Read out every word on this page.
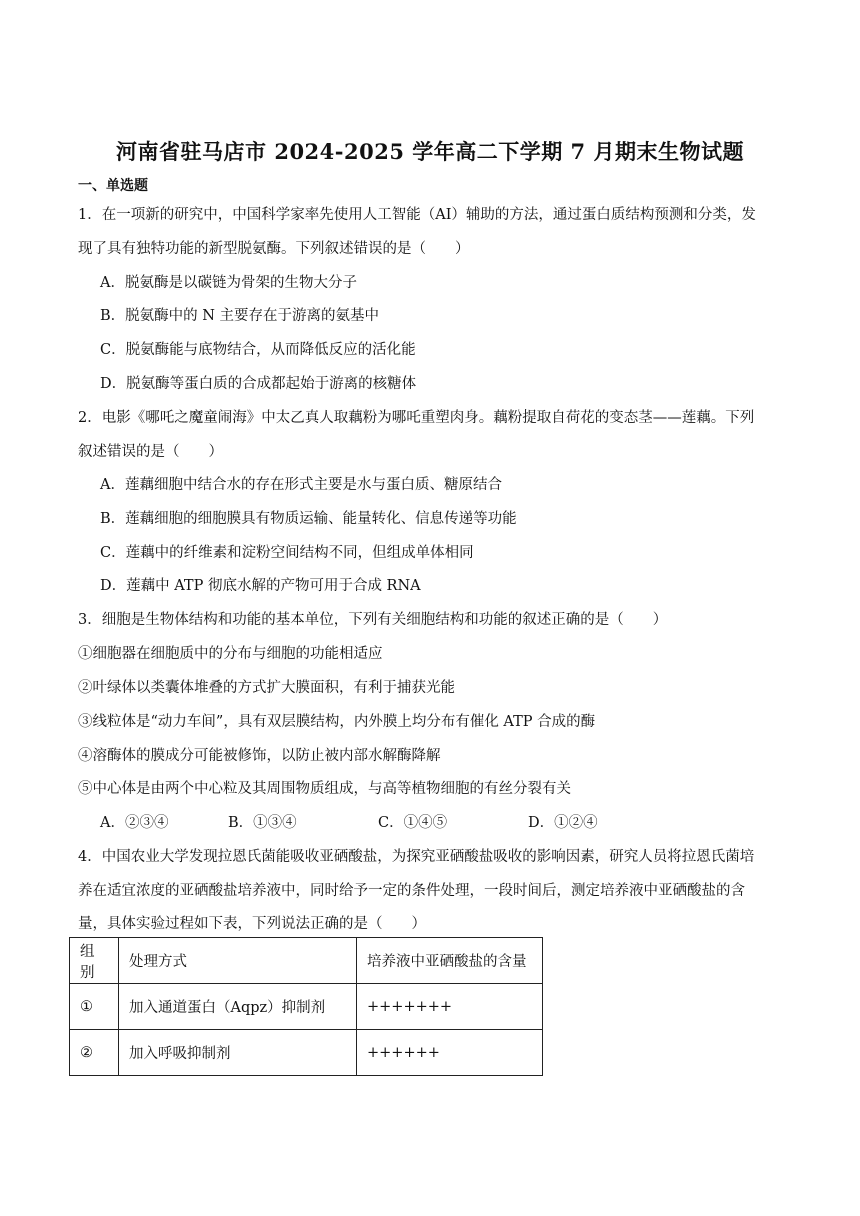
河南省驻马店市 2024-2025 学年高二下学期 7 月期末生物试题
一、单选题
1．在一项新的研究中，中国科学家率先使用人工智能（AI）辅助的方法，通过蛋白质结构预测和分类，发
现了具有独特功能的新型脱氨酶。下列叙述错误的是（　　）
A．脱氨酶是以碳链为骨架的生物大分子
B．脱氨酶中的 N 主要存在于游离的氨基中
C．脱氨酶能与底物结合，从而降低反应的活化能
D．脱氨酶等蛋白质的合成都起始于游离的核糖体
2．电影《哪吒之魔童闹海》中太乙真人取藕粉为哪吒重塑肉身。藕粉提取自荷花的变态茎——莲藕。下列
叙述错误的是（　　）
A．莲藕细胞中结合水的存在形式主要是水与蛋白质、糖原结合
B．莲藕细胞的细胞膜具有物质运输、能量转化、信息传递等功能
C．莲藕中的纤维素和淀粉空间结构不同，但组成单体相同
D．莲藕中 ATP 彻底水解的产物可用于合成 RNA
3．细胞是生物体结构和功能的基本单位，下列有关细胞结构和功能的叙述正确的是（　　）
①细胞器在细胞质中的分布与细胞的功能相适应
②叶绿体以类囊体堆叠的方式扩大膜面积，有利于捕获光能
③线粒体是“动力车间”，具有双层膜结构，内外膜上均分布有催化 ATP 合成的酶
④溶酶体的膜成分可能被修饰，以防止被内部水解酶降解
⑤中心体是由两个中心粒及其周围物质组成，与高等植物细胞的有丝分裂有关
A．②③④	B．①③④	C．①④⑤	D．①②④
4．中国农业大学发现拉恩氏菌能吸收亚硒酸盐，为探究亚硒酸盐吸收的影响因素，研究人员将拉恩氏菌培
养在适宜浓度的亚硒酸盐培养液中，同时给予一定的条件处理，一段时间后，测定培养液中亚硒酸盐的含
量，具体实验过程如下表，下列说法正确的是（　　）
组别	处理方式	培养液中亚硒酸盐的含量
①	加入通道蛋白（Aqpz）抑制剂	+++++++
②	加入呼吸抑制剂	++++++
